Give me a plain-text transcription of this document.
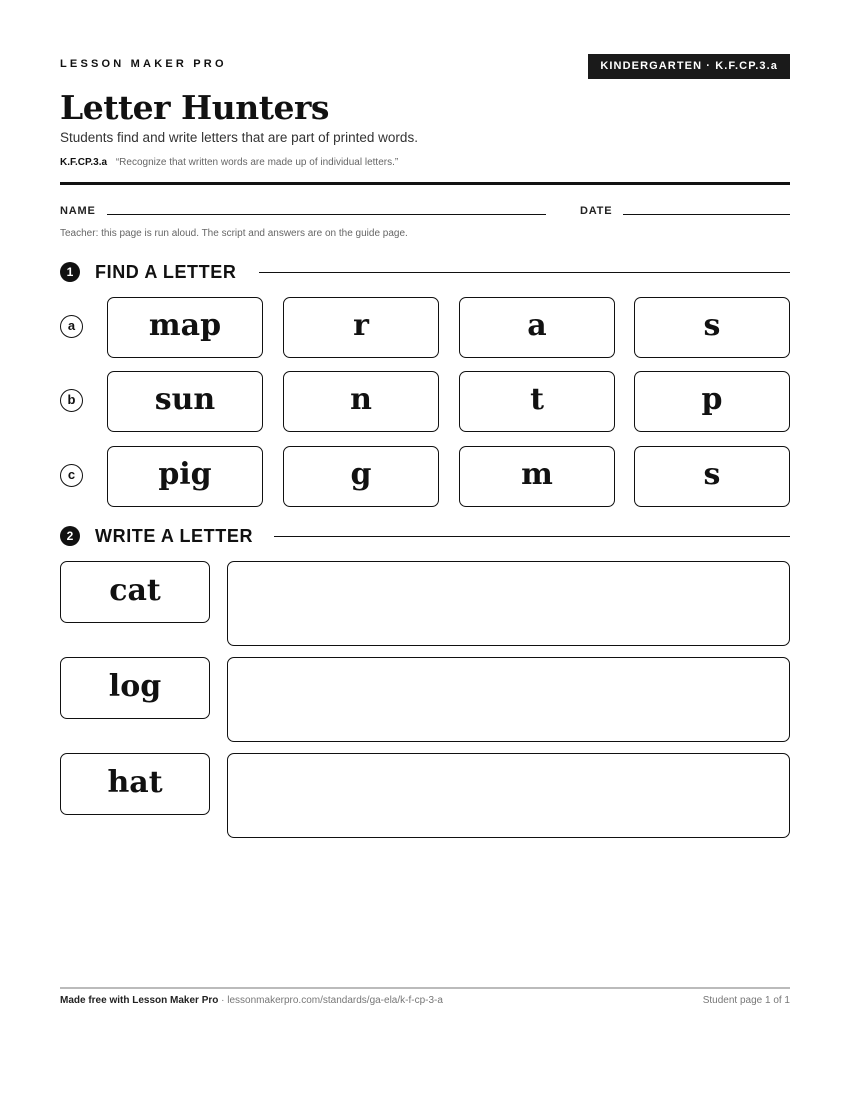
LESSON MAKER PRO	KINDERGARTEN · K.F.CP.3.a
Letter Hunters
Students find and write letters that are part of printed words.
K.F.CP.3.a “Recognize that written words are made up of individual letters.”
NAME	DATE
Teacher: this page is run aloud. The script and answers are on the guide page.
1	FIND A LETTER
a	map	r	a	s
b	sun	n	t	p
c	pig	g	m	s
2	WRITE A LETTER
cat
log
hat
Made free with Lesson Maker Pro · lessonmakerpro.com/standards/ga-ela/k-f-cp-3-a	Student page 1 of 1
